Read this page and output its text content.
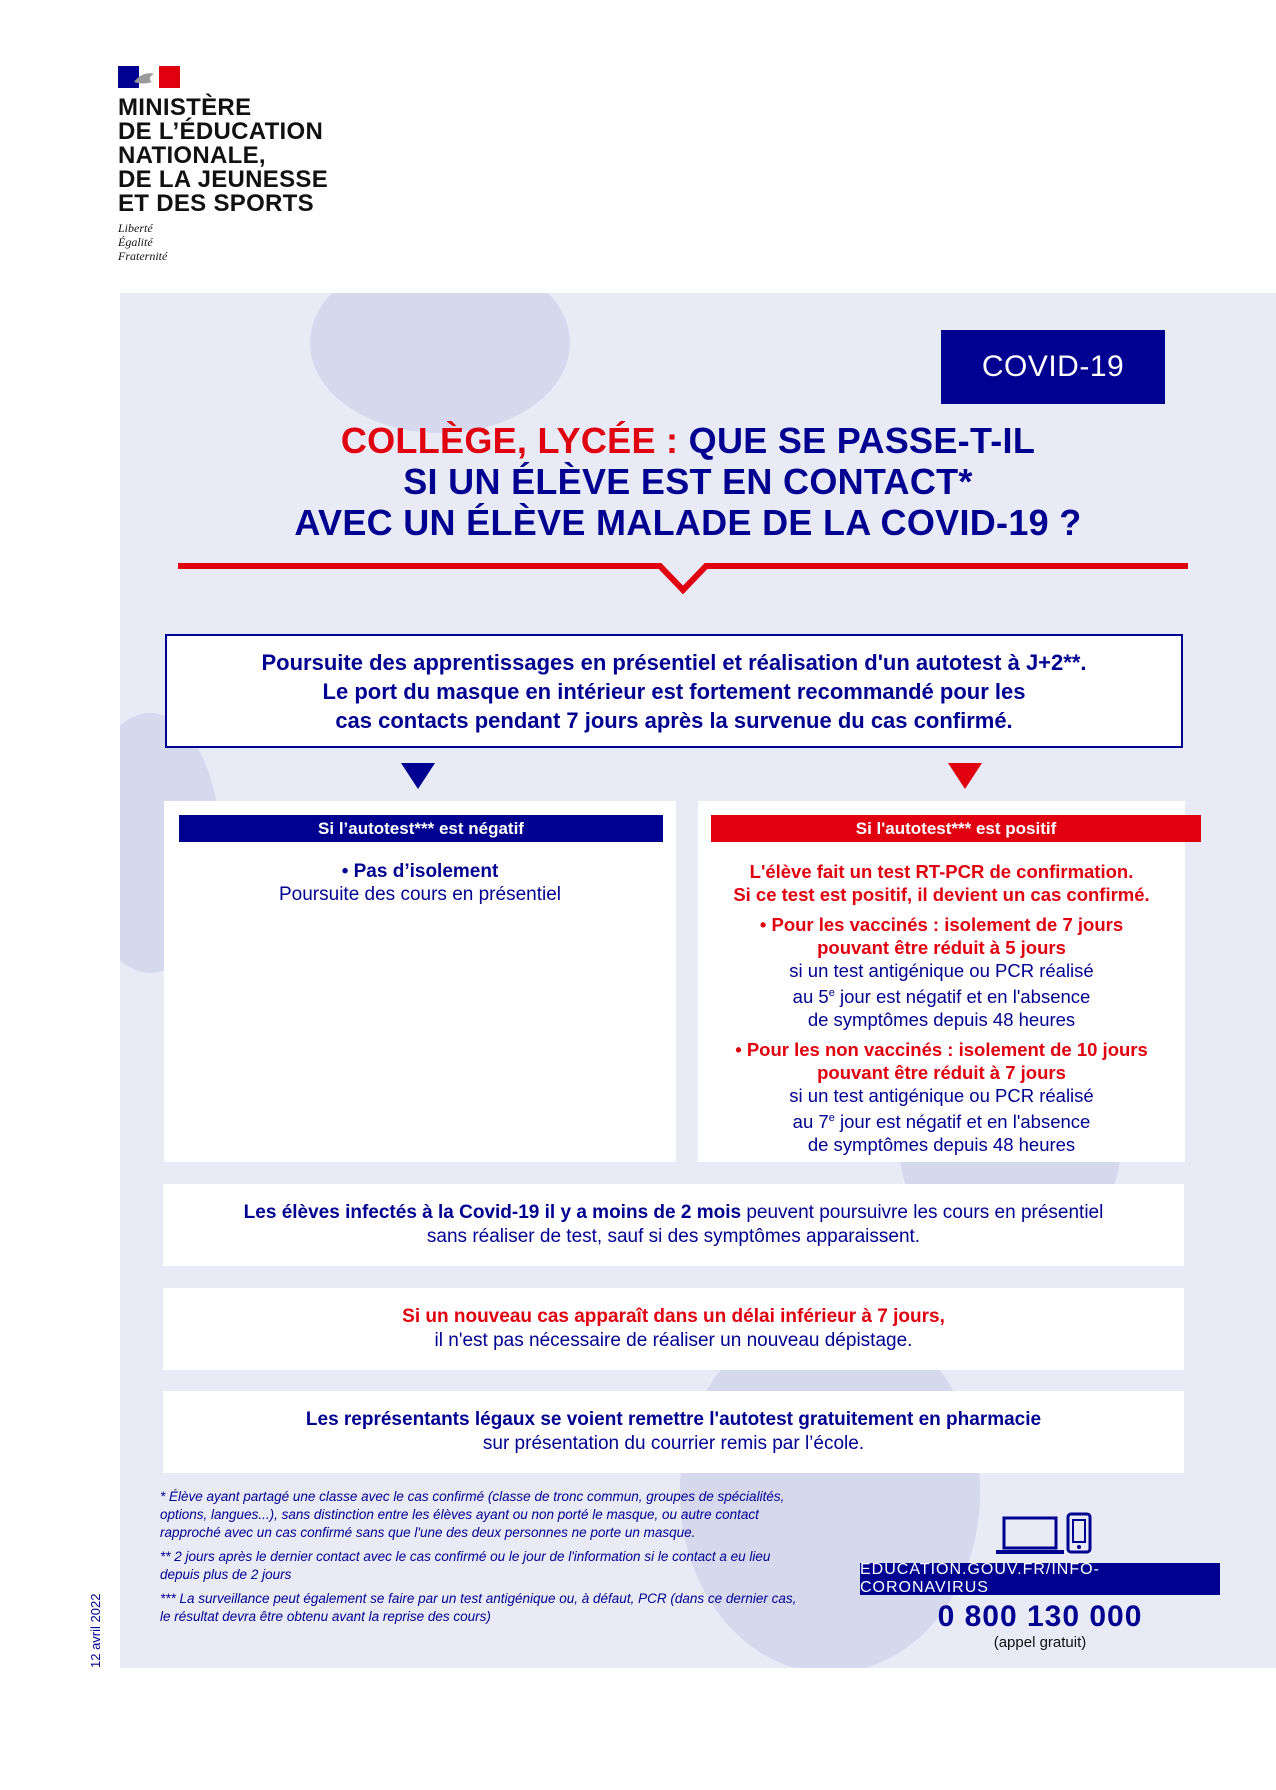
MINISTÈRE
DE L’ÉDUCATION
NATIONALE,
DE LA JEUNESSE
ET DES SPORTS
Liberté
Égalité
Fraternité
COVID-19
COLLÈGE, LYCÉE : QUE SE PASSE-T-IL
SI UN ÉLÈVE EST EN CONTACT*
AVEC UN ÉLÈVE MALADE DE LA COVID-19 ?
Poursuite des apprentissages en présentiel et réalisation d'un autotest à J+2**.
Le port du masque en intérieur est fortement recommandé pour les
cas contacts pendant 7 jours après la survenue du cas confirmé.
Si l’autotest*** est négatif	Si l'autotest*** est positif
• Pas d’isolement
Poursuite des cours en présentiel
L'élève fait un test RT-PCR de confirmation.
Si ce test est positif, il devient un cas confirmé.
• Pour les vaccinés : isolement de 7 jours
pouvant être réduit à 5 jours
si un test antigénique ou PCR réalisé
au 5e jour est négatif et en l'absence
de symptômes depuis 48 heures
• Pour les non vaccinés : isolement de 10 jours
pouvant être réduit à 7 jours
si un test antigénique ou PCR réalisé
au 7e jour est négatif et en l'absence
de symptômes depuis 48 heures
Les élèves infectés à la Covid-19 il y a moins de 2 mois peuvent poursuivre les cours en présentiel
sans réaliser de test, sauf si des symptômes apparaissent.
Si un nouveau cas apparaît dans un délai inférieur à 7 jours,
il n'est pas nécessaire de réaliser un nouveau dépistage.
Les représentants légaux se voient remettre l'autotest gratuitement en pharmacie
sur présentation du courrier remis par l’école.

* Élève ayant partagé une classe avec le cas confirmé (classe de tronc commun, groupes de spécialités, options, langues...), sans distinction entre les élèves ayant ou non porté le masque, ou autre contact rapproché avec un cas confirmé sans que l'une des deux personnes ne porte un masque.

** 2 jours après le dernier contact avec le cas confirmé ou le jour de l'information si le contact a eu lieu depuis plus de 2 jours

*** La surveillance peut également se faire par un test antigénique ou, à défaut, PCR (dans ce dernier cas, le résultat devra être obtenu avant la reprise des cours)

EDUCATION.GOUV.FR/INFO-CORONAVIRUS
0 800 130 000
(appel gratuit)
12 avril 2022
